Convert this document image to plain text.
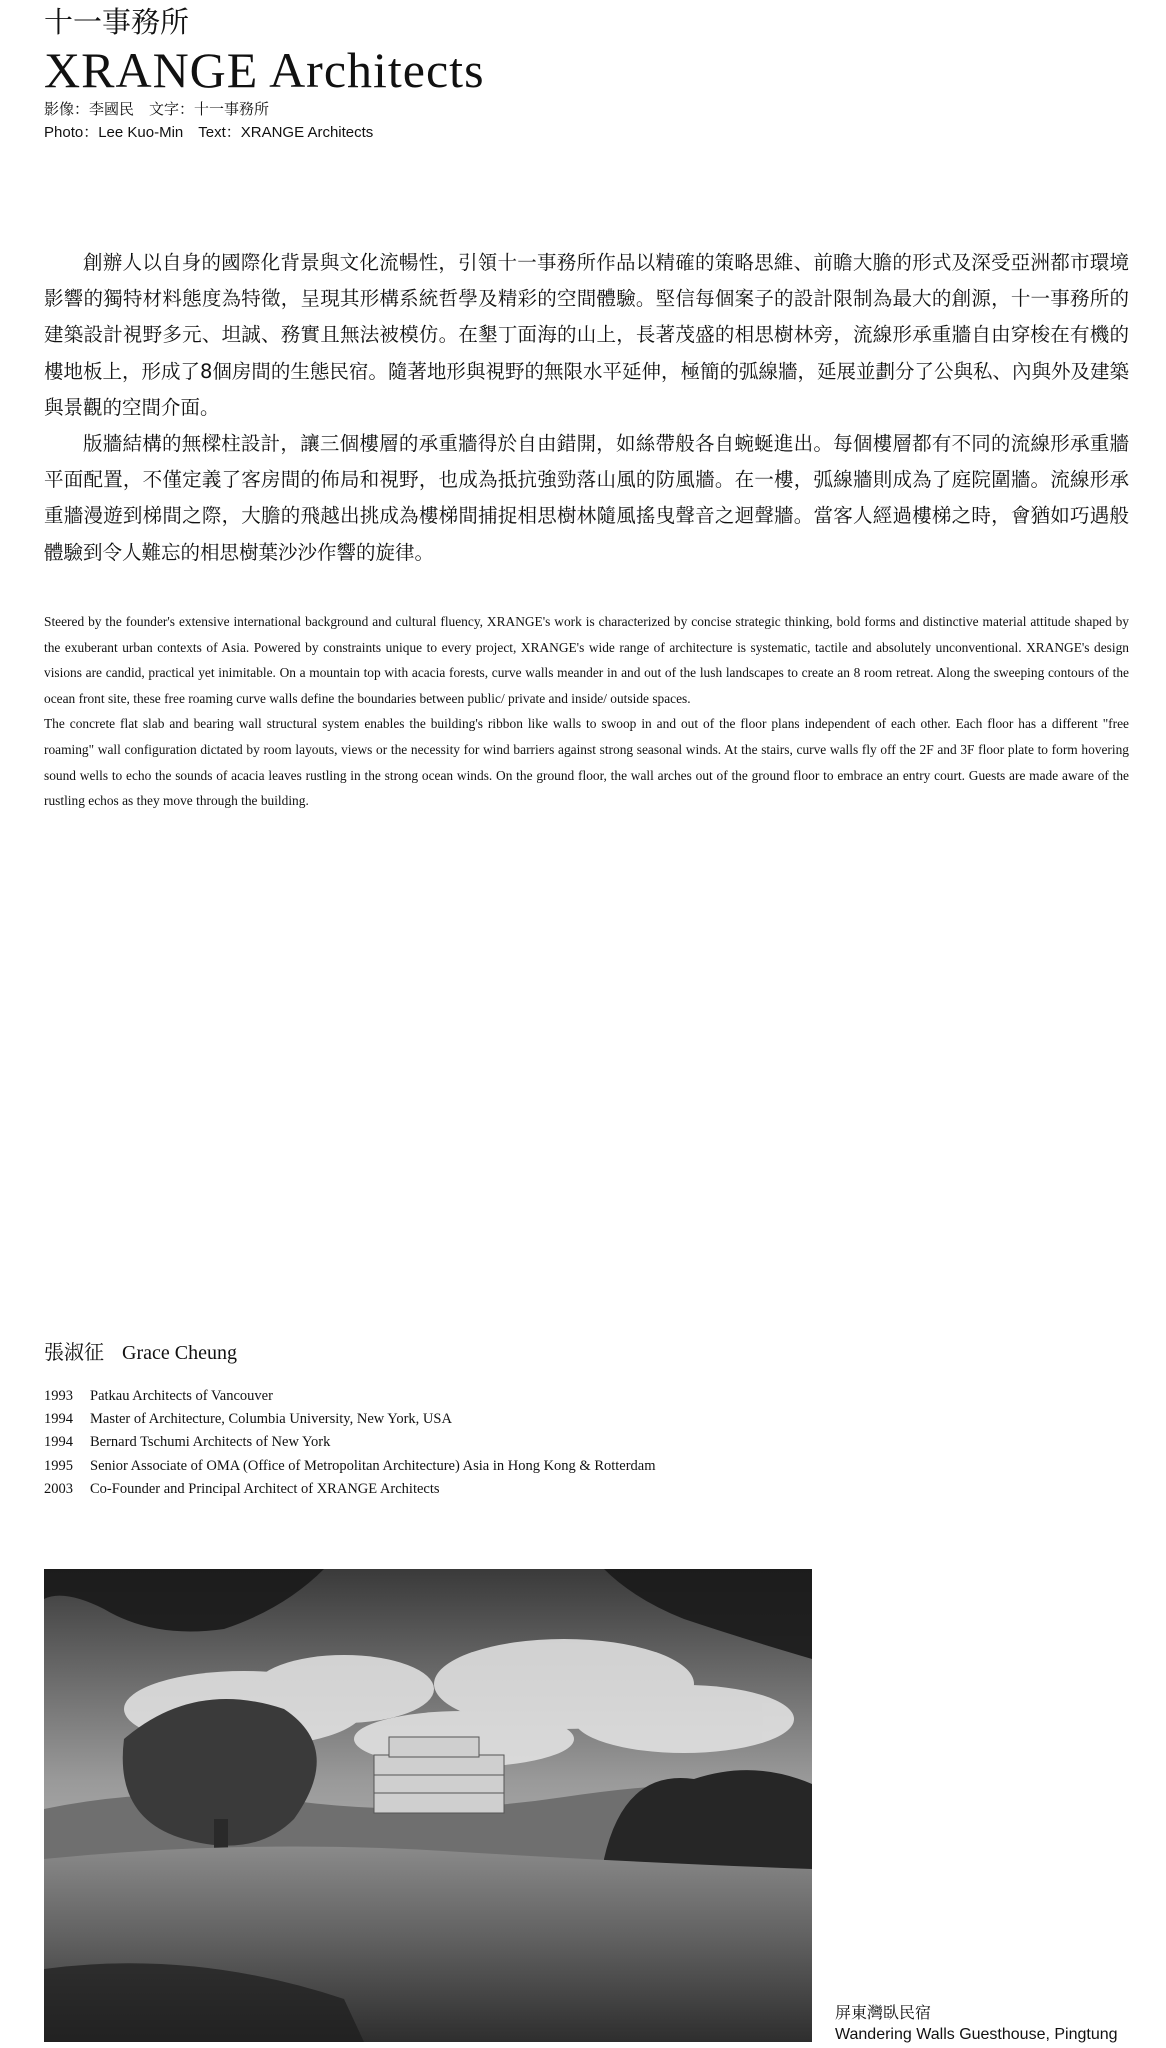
十一事務所
XRANGE Architects
影像：李國民　文字：十一事務所
Photo：Lee Kuo-Min　Text：XRANGE Architects

創辦人以自身的國際化背景與文化流暢性，引領十一事務所作品以精確的策略思維、前瞻大膽的形式及深受亞洲都市環境影響的獨特材料態度為特徵，呈現其形構系統哲學及精彩的空間體驗。堅信每個案子的設計限制為最大的創源，十一事務所的建築設計視野多元、坦誠、務實且無法被模仿。在墾丁面海的山上，長著茂盛的相思樹林旁，流線形承重牆自由穿梭在有機的樓地板上，形成了8個房間的生態民宿。隨著地形與視野的無限水平延伸，極簡的弧線牆，延展並劃分了公與私、內與外及建築與景觀的空間介面。

版牆結構的無樑柱設計，讓三個樓層的承重牆得於自由錯開，如絲帶般各自蜿蜒進出。每個樓層都有不同的流線形承重牆平面配置，不僅定義了客房間的佈局和視野，也成為抵抗強勁落山風的防風牆。在一樓，弧線牆則成為了庭院圍牆。流線形承重牆漫遊到梯間之際，大膽的飛越出挑成為樓梯間捕捉相思樹林隨風搖曳聲音之迴聲牆。當客人經過樓梯之時，會猶如巧遇般體驗到令人難忘的相思樹葉沙沙作響的旋律。

Steered by the founder's extensive international background and cultural fluency, XRANGE's work is characterized by concise strategic thinking, bold forms and distinctive material attitude shaped by the exuberant urban contexts of Asia. Powered by constraints unique to every project, XRANGE's wide range of architecture is systematic, tactile and absolutely unconventional. XRANGE's design visions are candid, practical yet inimitable. On a mountain top with acacia forests, curve walls meander in and out of the lush landscapes to create an 8 room retreat. Along the sweeping contours of the ocean front site, these free roaming curve walls define the boundaries between public/ private and inside/ outside spaces.

The concrete flat slab and bearing wall structural system enables the building's ribbon like walls to swoop in and out of the floor plans independent of each other. Each floor has a different "free roaming" wall configuration dictated by room layouts, views or the necessity for wind barriers against strong seasonal winds. At the stairs, curve walls fly off the 2F and 3F floor plate to form hovering sound wells to echo the sounds of acacia leaves rustling in the strong ocean winds. On the ground floor, the wall arches out of the ground floor to embrace an entry court. Guests are made aware of the rustling echos as they move through the building.

張淑征 Grace Cheung
1993	Patkau Architects of Vancouver
1994	Master of Architecture, Columbia University, New York, USA
1994	Bernard Tschumi Architects of New York
1995	Senior Associate of OMA (Office of Metropolitan Architecture) Asia in Hong Kong & Rotterdam
2003	Co-Founder and Principal Architect of XRANGE Architects
屏東灣臥民宿
Wandering Walls Guesthouse, Pingtung
